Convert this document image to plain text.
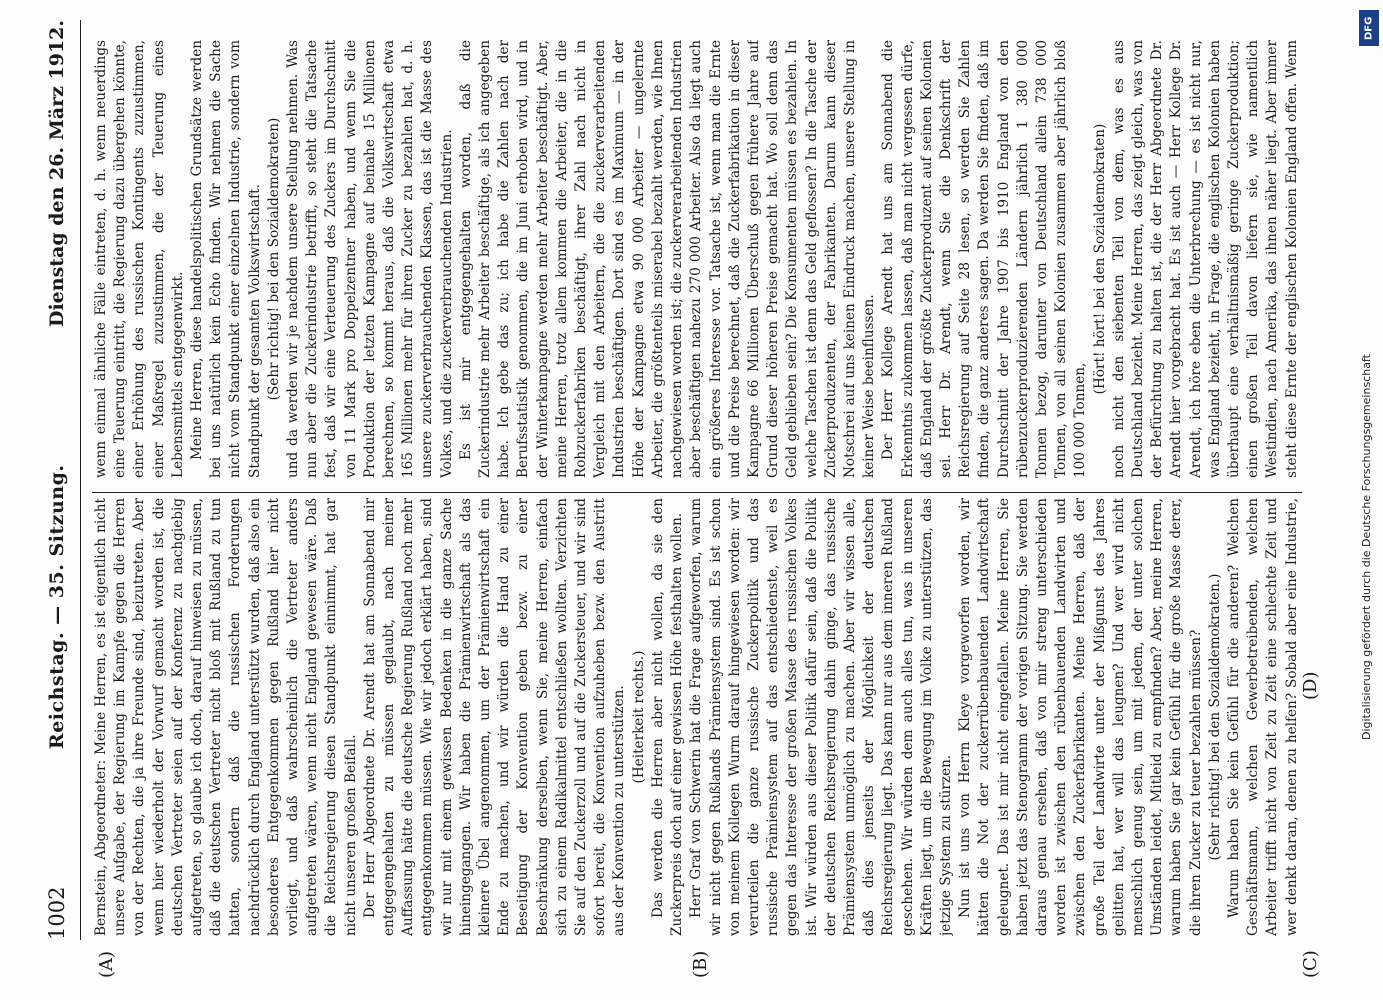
1002
Reichstag. — 35. Sitzung.
Dienstag den 26. März 1912.
(A)	(B)	(C)
(D)

Bernstein, Abgeordneter: Meine Herren, es ist eigentlich nicht unsere Aufgabe, der Regierung im Kampfe gegen die Herren von der Rechten, die ja ihre Freunde sind, beizutreten. Aber wenn hier wiederholt der Vorwurf gemacht worden ist, die deutschen Vertreter seien auf der Konferenz zu nachgiebig aufgetreten, so glaube ich doch, darauf hinweisen zu müssen, daß die deutschen Vertreter nicht bloß mit Rußland zu tun hatten, sondern daß die russischen Forderungen nachdrücklich durch England unterstützt wurden, daß also ein besonderes Entgegenkommen gegen Rußland hier nicht vorliegt, und daß wahrscheinlich die Vertreter anders aufgetreten wären, wenn nicht England gewesen wäre. Daß die Reichsregierung diesen Standpunkt einnimmt, hat gar nicht unseren großen Beifall. Der Herr Abgeordnete Dr. Arendt hat am Sonnabend mir entgegengehalten zu müssen geglaubt, nach meiner Auffassung hätte die deutsche Regierung Rußland noch mehr entgegenkommen müssen. Wie wir jedoch erklärt haben, sind wir nur mit einem gewissen Bedenken in die ganze Sache hineingegangen. Wir haben die Prämienwirtschaft als das kleinere Übel angenommen, um der Prämienwirtschaft ein Ende zu machen, und wir würden die Hand zu einer Beseitigung der Konvention geben bezw. zu einer Beschränkung derselben, wenn Sie, meine Herren, einfach sich zu einem Radikalmittel entschließen wollten. Verzichten Sie auf den Zuckerzoll und auf die Zuckersteuer, und wir sind sofort bereit, die Konvention aufzuheben bezw. den Austritt aus der Konvention zu unterstützen. (Heiterkeit rechts.) Das werden die Herren aber nicht wollen, da sie den Zuckerpreis doch auf einer gewissen Höhe festhalten wollen. Herr Graf von Schwerin hat die Frage aufgeworfen, warum wir nicht gegen Rußlands Prämiensystem sind. Es ist schon von meinem Kollegen Wurm darauf hingewiesen worden: wir verurteilen die ganze russische Zuckerpolitik und das russische Prämiensystem auf das entschiedenste, weil es gegen das Interesse der großen Masse des russischen Volkes ist. Wir würden aus dieser Politik dafür sein, daß die Politik der deutschen Reichsregierung dahin ginge, das russische Prämiensystem unmöglich zu machen. Aber wir wissen alle, daß dies jenseits der Möglichkeit der deutschen Reichsregierung liegt. Das kann nur aus dem inneren Rußland geschehen. Wir würden dem auch alles tun, was in unseren Kräften liegt, um die Bewegung im Volke zu unterstützen, das jetzige System zu stürzen. Nun ist uns von Herrn Kleye vorgeworfen worden, wir hätten die Not der zuckerrübenbauenden Landwirtschaft geleugnet. Das ist mir nicht eingefallen. Meine Herren, Sie haben jetzt das Stenogramm der vorigen Sitzung. Sie werden daraus genau ersehen, daß von mir streng unterschieden worden ist zwischen den rübenbauenden Landwirten und zwischen den Zuckerfabrikanten. Meine Herren, daß der große Teil der Landwirte unter der Mißgunst des Jahres gelitten hat, wer will das leugnen? Und wer wird nicht menschlich genug sein, um mit jedem, der unter solchen Umständen leidet, Mitleid zu empfinden? Aber, meine Herren, warum haben Sie gar kein Gefühl für die große Masse derer, die ihren Zucker zu teuer bezahlen müssen? (Sehr richtig! bei den Sozialdemokraten.)

Warum haben Sie kein Gefühl für die anderen? Welchen Geschäftsmann, welchen Gewerbetreibenden, welchen Arbeiter trifft nicht von Zeit zu Zeit eine schlechte Zeit und wer denkt daran, denen zu helfen? Sobald aber eine Industrie,

wenn einmal ähnliche Fälle eintreten, d. h. wenn neuerdings eine Teuerung eintritt, die Regierung dazu übergehen könnte, einer Erhöhung des russischen Kontingents zuzustimmen, einer Maßregel zuzustimmen, die der Teuerung eines Lebensmittels entgegenwirkt. Meine Herren, diese handelspolitischen Grundsätze werden bei uns natürlich kein Echo finden. Wir nehmen die Sache nicht vom Standpunkt einer einzelnen Industrie, sondern vom Standpunkt der gesamten Volkswirtschaft. (Sehr richtig! bei den Sozialdemokraten) und da werden wir je nachdem unsere Stellung nehmen. Was nun aber die Zuckerindustrie betrifft, so steht die Tatsache fest, daß wir eine Verteuerung des Zuckers im Durchschnitt von 11 Mark pro Doppelzentner haben, und wenn Sie die Produktion der letzten Kampagne auf beinahe 15 Millionen berechnen, so kommt heraus, daß die Volkswirtschaft etwa 165 Millionen mehr für ihren Zucker zu bezahlen hat, d. h. unsere zuckerverbrauchenden Klassen, das ist die Masse des Volkes, und die zuckerverbrauchenden Industrien. Es ist mir entgegengehalten worden, daß die Zuckerindustrie mehr Arbeiter beschäftige, als ich angegeben habe. Ich gebe das zu; ich habe die Zahlen nach der Berufsstatistik genommen, die im Juni erhoben wird, und in der Winterkampagne werden mehr Arbeiter beschäftigt. Aber, meine Herren, trotz allem kommen die Arbeiter, die in die Rohzuckerfabriken beschäftigt, ihrer Zahl nach nicht in Vergleich mit den Arbeitern, die die zuckerverarbeitenden Industrien beschäftigen. Dort sind es im Maximum — in der Höhe der Kampagne etwa 90 000 Arbeiter — ungelernte Arbeiter, die größtenteils miserabel bezahlt werden, wie Ihnen nachgewiesen worden ist; die zuckerverarbeitenden Industrien aber beschäftigen nahezu 270 000 Arbeiter. Also da liegt auch ein größeres Interesse vor. Tatsache ist, wenn man die Ernte und die Preise berechnet, daß die Zuckerfabrikation in dieser Kampagne 66 Millionen Überschuß gegen frühere Jahre auf Grund dieser höheren Preise gemacht hat. Wo soll denn das Geld geblieben sein? Die Konsumenten müssen es bezahlen. In welche Taschen ist denn das Geld geflossen? In die Tasche der Zuckerproduzenten, der Fabrikanten. Darum kann dieser Notschrei auf uns keinen Eindruck machen, unsere Stellung in keiner Weise beeinflussen. Der Herr Kollege Arendt hat uns am Sonnabend die Erkenntnis zukommen lassen, daß man nicht vergessen dürfe, daß England der größte Zuckerproduzent auf seinen Kolonien sei. Herr Dr. Arendt, wenn Sie die Denkschrift der Reichsregierung auf Seite 28 lesen, so werden Sie Zahlen finden, die ganz anderes sagen. Da werden Sie finden, daß im Durchschnitt der Jahre 1907 bis 1910 England von den rübenzuckerproduzierenden Ländern jährlich 1 380 000 Tonnen bezog, darunter von Deutschland allein 738 000 Tonnen, von all seinen Kolonien zusammen aber jährlich bloß 100 000 Tonnen,

(Hört! hört! bei den Sozialdemokraten)

noch nicht den siebenten Teil von dem, was es aus Deutschland bezieht. Meine Herren, das zeigt gleich, was von der Befürchtung zu halten ist, die der Herr Abgeordnete Dr. Arendt hier vorgebracht hat. Es ist auch — Herr Kollege Dr. Arendt, ich höre eben die Unterbrechung — es ist nicht nur, was England bezieht, in Frage, die englischen Kolonien haben überhaupt eine verhältnismäßig geringe Zuckerproduktion; einen großen Teil davon liefern sie, wie namentlich Westindien, nach Amerika, das ihnen näher liegt. Aber immer steht diese Ernte der englischen Kolonien England offen. Wenn

DFG
Digitalisierung gefördert durch die Deutsche Forschungsgemeinschaft
